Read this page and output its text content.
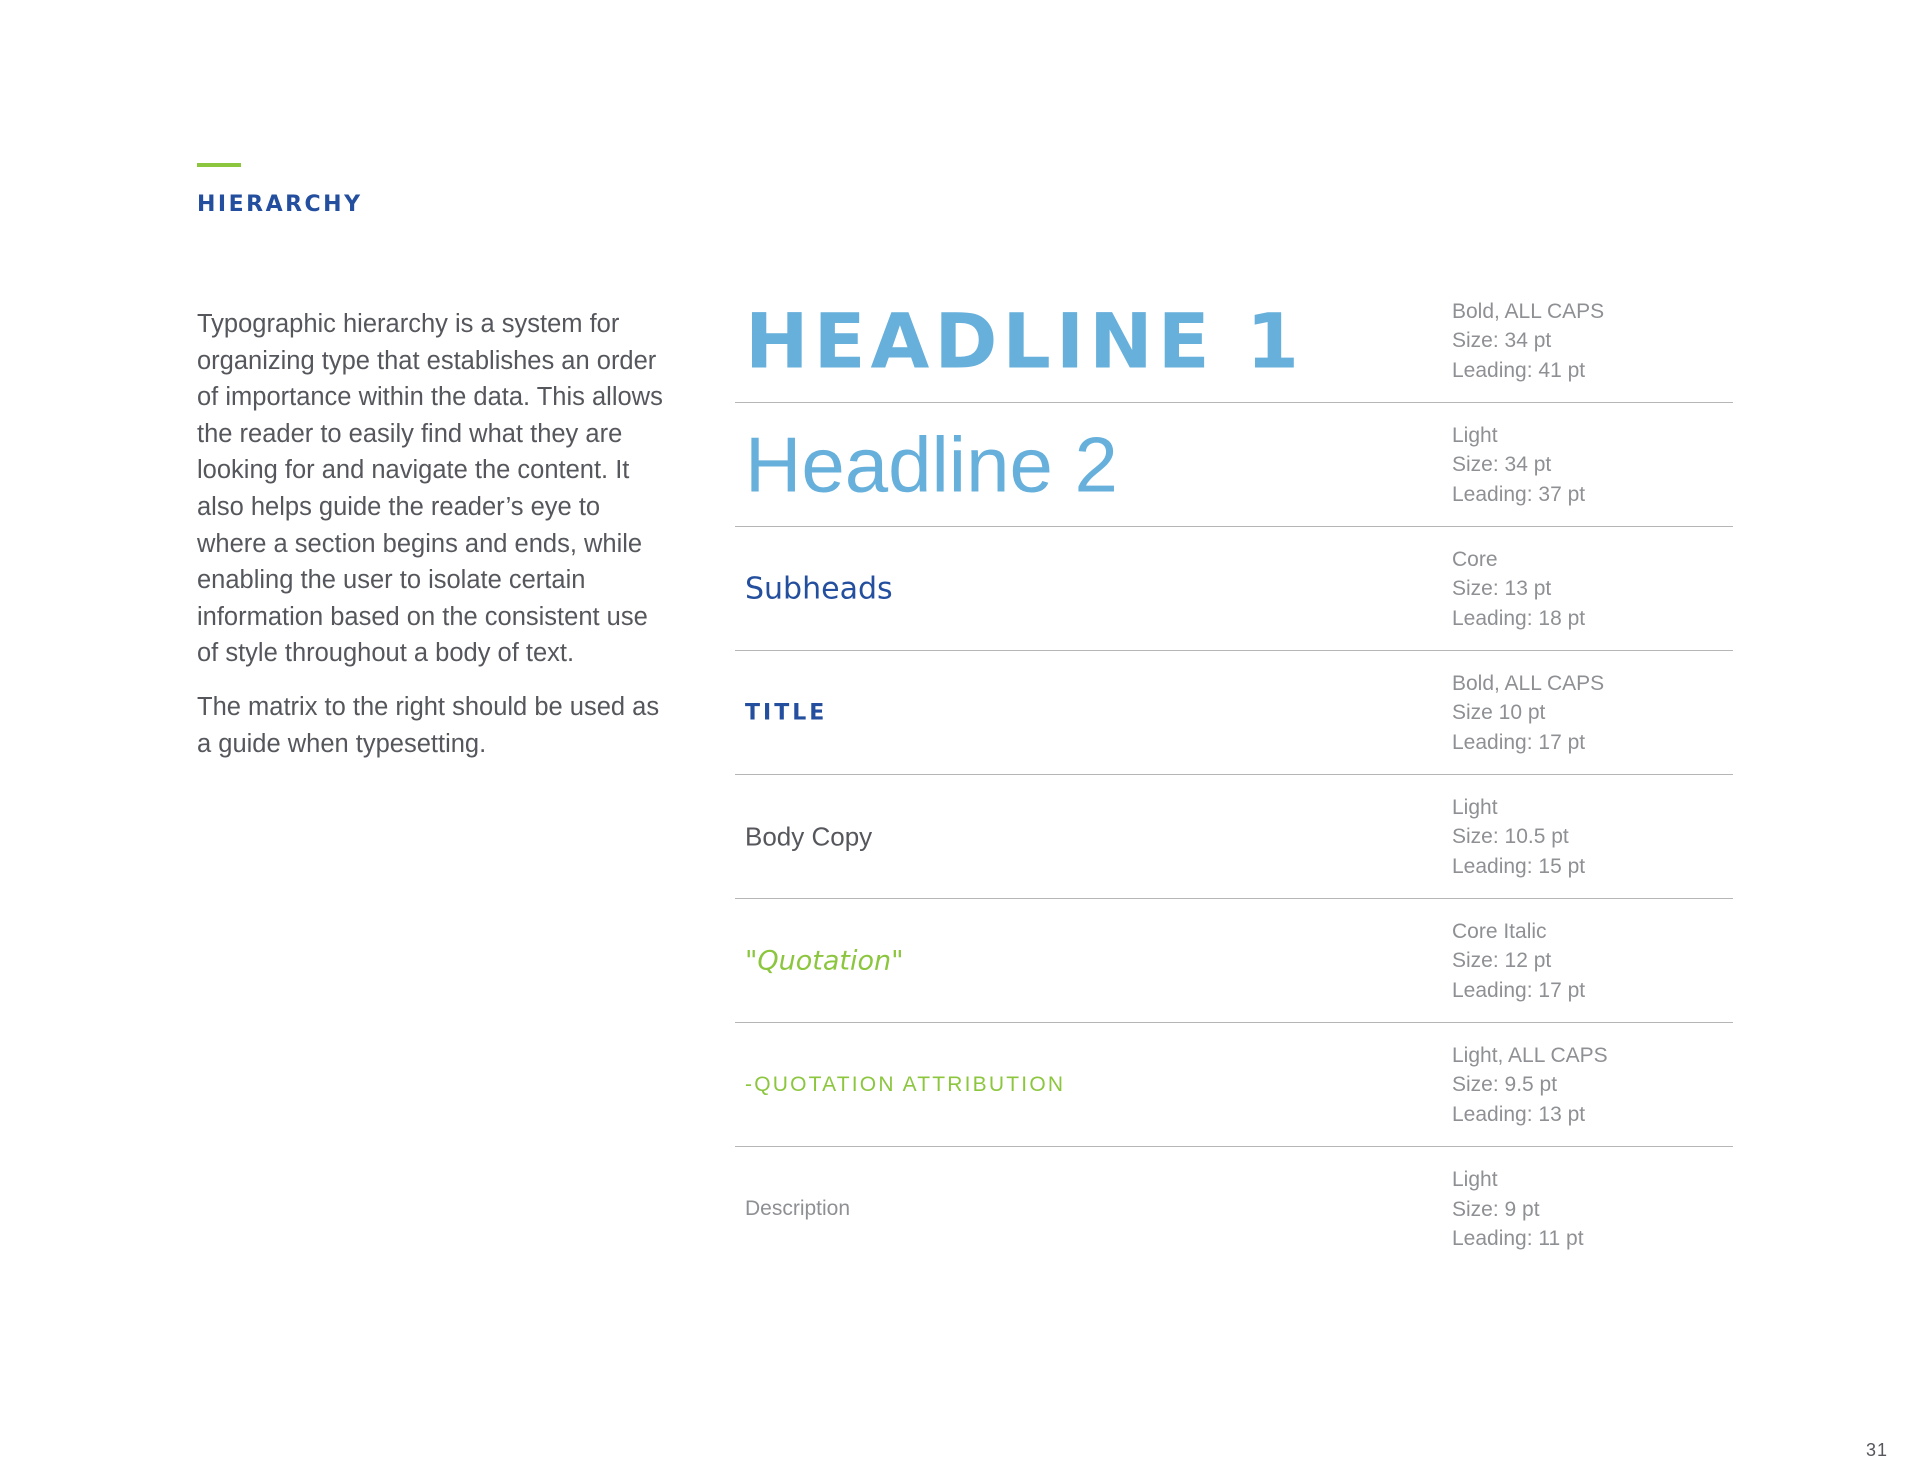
HIERARCHY

Typographic hierarchy is a system for organizing type that establishes an order of importance within the data. This allows the reader to easily find what they are looking for and navigate the content. It also helps guide the reader’s eye to where a section begins and ends, while enabling the user to isolate certain information based on the consistent use of style throughout a body of text.

The matrix to the right should be used as a guide when typesetting.

HEADLINE 1	Bold, ALL CAPS
Size: 34 pt
Leading: 41 pt
Headline 2	Light
Size: 34 pt
Leading: 37 pt
Subheads
Core
Size: 13 pt
Leading: 18 pt
TITLE
Bold, ALL CAPS
Size 10 pt
Leading: 17 pt
Body Copy
Light
Size: 10.5 pt
Leading: 15 pt
"Quotation"
Core Italic
Size: 12 pt
Leading: 17 pt
-QUOTATION ATTRIBUTION
Light, ALL CAPS
Size: 9.5 pt
Leading: 13 pt
Description
Light
Size: 9 pt
Leading: 11 pt
31
